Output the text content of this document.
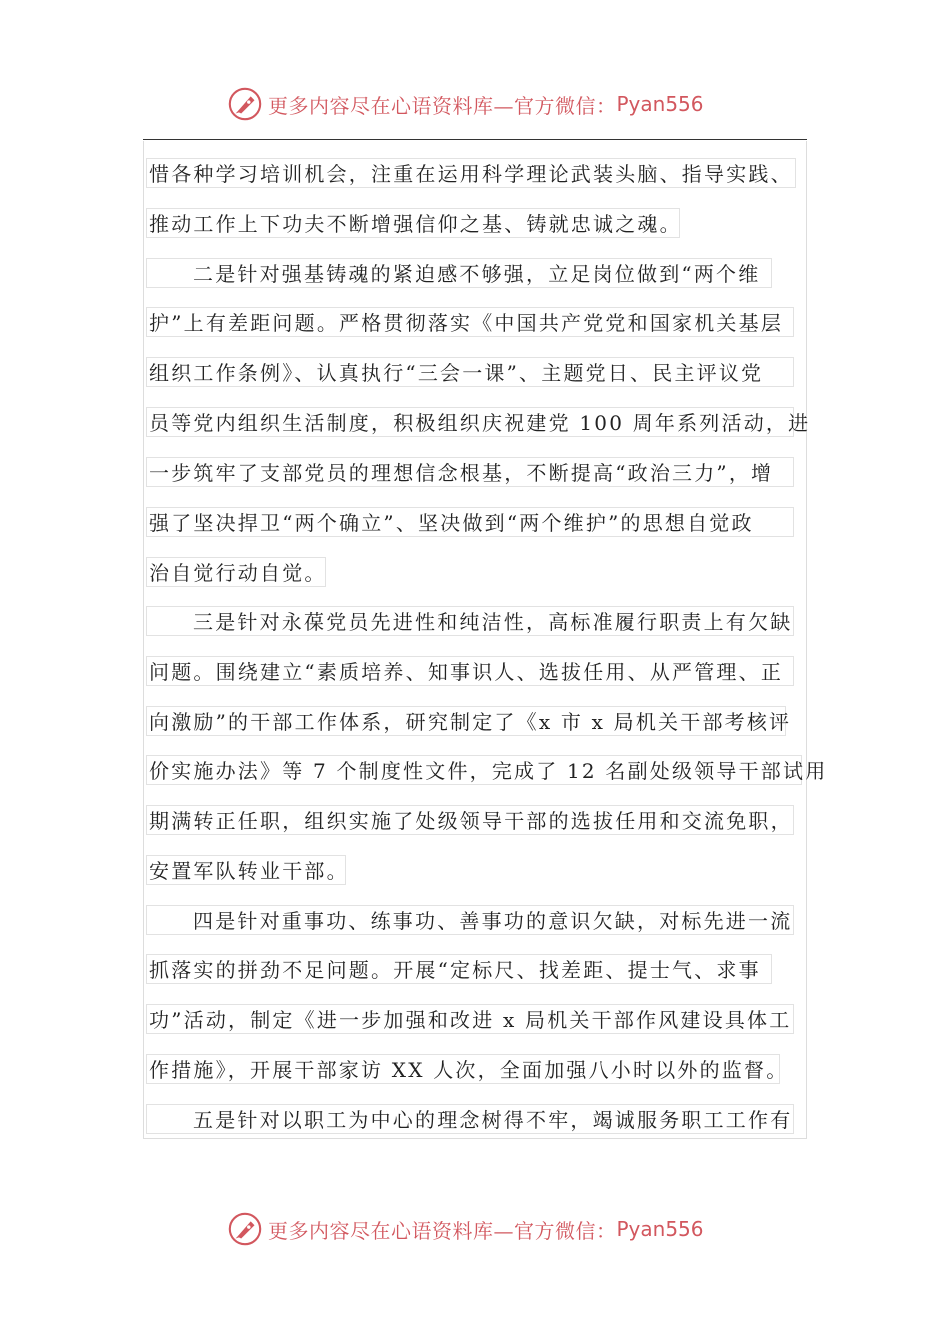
更多内容尽在心语资料库—官方微信： Pyan556
惜各种学习培训机会，注重在运用科学理论武装头脑、指导实践、
推动工作上下功夫不断增强信仰之基、铸就忠诚之魂。
二是针对强基铸魂的紧迫感不够强，立足岗位做到“两个维
护”上有差距问题。严格贯彻落实《中国共产党党和国家机关基层
组织工作条例》、认真执行“三会一课”、主题党日、民主评议党
员等党内组织生活制度，积极组织庆祝建党 100 周年系列活动，进
一步筑牢了支部党员的理想信念根基，不断提高“政治三力”，增
强了坚决捍卫“两个确立”、坚决做到“两个维护”的思想自觉政
治自觉行动自觉。
三是针对永葆党员先进性和纯洁性，高标准履行职责上有欠缺
问题。围绕建立“素质培养、知事识人、选拔任用、从严管理、正
向激励”的干部工作体系，研究制定了《x 市 x 局机关干部考核评
价实施办法》等 7 个制度性文件，完成了 12 名副处级领导干部试用
期满转正任职，组织实施了处级领导干部的选拔任用和交流免职，
安置军队转业干部。
四是针对重事功、练事功、善事功的意识欠缺，对标先进一流
抓落实的拼劲不足问题。开展“定标尺、找差距、提士气、求事
功”活动，制定《进一步加强和改进 x 局机关干部作风建设具体工
作措施》，开展干部家访 XX 人次，全面加强八小时以外的监督。
五是针对以职工为中心的理念树得不牢，竭诚服务职工工作有
更多内容尽在心语资料库—官方微信： Pyan556
